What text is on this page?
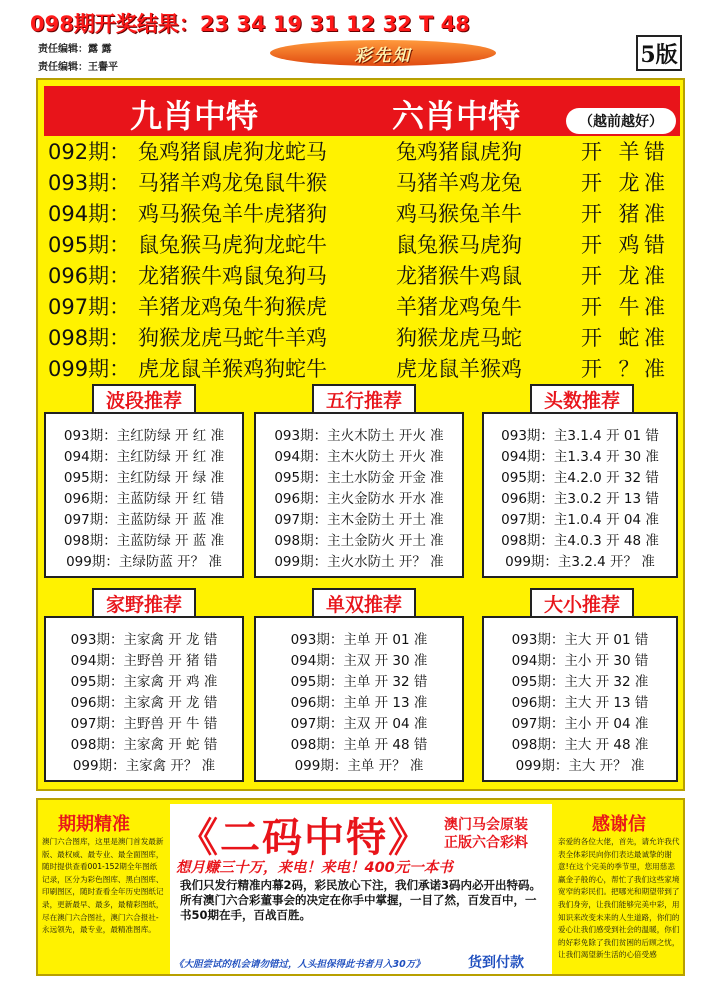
098期开奖结果：23 34 19 31 12 32 T 48
责任编辑：露 露
责任编辑：王譽平
彩先知	5版
九肖中特	六肖中特	（越前越好）
092期： 兔鸡猪鼠虎狗龙蛇马	兔鸡猪鼠虎狗	开 羊 错
093期： 马猪羊鸡龙兔鼠牛猴	马猪羊鸡龙兔	开 龙 准
094期： 鸡马猴兔羊牛虎猪狗	鸡马猴兔羊牛	开 猪 准
095期： 鼠兔猴马虎狗龙蛇牛	鼠兔猴马虎狗	开 鸡 错
096期： 龙猪猴牛鸡鼠兔狗马	龙猪猴牛鸡鼠	开 龙 准
097期： 羊猪龙鸡兔牛狗猴虎	羊猪龙鸡兔牛	开 牛 准
098期： 狗猴龙虎马蛇牛羊鸡	狗猴龙虎马蛇	开 蛇 准
099期： 虎龙鼠羊猴鸡狗蛇牛	虎龙鼠羊猴鸡	开 ？ 准
波段推荐
093期：主红防绿 开 红 准
094期：主红防绿 开 红 准
095期：主红防绿 开 绿 准
096期：主蓝防绿 开 红 错
097期：主蓝防绿 开 蓝 准
098期：主蓝防绿 开 蓝 准
099期：主绿防蓝 开？ 准
五行推荐
093期：主火木防土 开火 准
094期：主木火防土 开火 准
095期：主土水防金 开金 准
096期：主火金防水 开水 准
097期：主木金防土 开土 准
098期：主土金防火 开土 准
099期：主火水防土 开？ 准
头数推荐
093期：主3.1.4 开 01 错
094期：主1.3.4 开 30 准
095期：主4.2.0 开 32 错
096期：主3.0.2 开 13 错
097期：主1.0.4 开 04 准
098期：主4.0.3 开 48 准
099期：主3.2.4 开？ 准
家野推荐
093期：主家禽 开 龙 错
094期：主野兽 开 猪 错
095期：主家禽 开 鸡 准
096期：主家禽 开 龙 错
097期：主野兽 开 牛 错
098期：主家禽 开 蛇 错
099期：主家禽 开？ 准
单双推荐
093期：主单 开 01 准
094期：主双 开 30 准
095期：主单 开 32 错
096期：主单 开 13 准
097期：主双 开 04 准
098期：主单 开 48 错
099期：主单 开？ 准
大小推荐
093期：主大 开 01 错
094期：主小 开 30 错
095期：主大 开 32 准
096期：主大 开 13 错
097期：主小 开 04 准
098期：主大 开 48 准
099期：主大 开？ 准
期期精准
澳门六合图库，这里是澳门首发最新版、最权威、最专业、最全面图库，随时提供查看001-152期全年图纸记录，区分为彩色图库、黑白图库、印刷图区，随时查看全年历史图纸记录，更新最早、最多，最精彩图纸，尽在澳门六合图社，澳门六合报社-永远领先，最专业，最精准图库。
《二码中特》 澳门马会原装
正版六合彩料
想月赚三十万，来电！来电！400元一本书
我们只发行精准内幕2码，彩民放心下注，我们承诺3码内必开出特码。所有澳门六合彩董事会的决定在你手中掌握，一目了然，百发百中，一书50期在手，百战百胜。
《大胆尝试的机会请勿错过，人头担保得此书者月入30万》	货到付款
感谢信
亲爱的各位大佬，首先，请允许我代表全体彩民向你们表达最诚挚的谢意!在这个完美的季节里，您用慈悲赢金子般的心，帮忙了我们这些家境宽窄的彩民们。把哪光和期望带到了我们身旁，让我们能够完美中彩，用知识来改变未来的人生道路，你们的爱心让我们感受到社会的温暖，你们的好彩免除了我们贫困的后顾之忧，让我们渴望新生活的心倍受感
